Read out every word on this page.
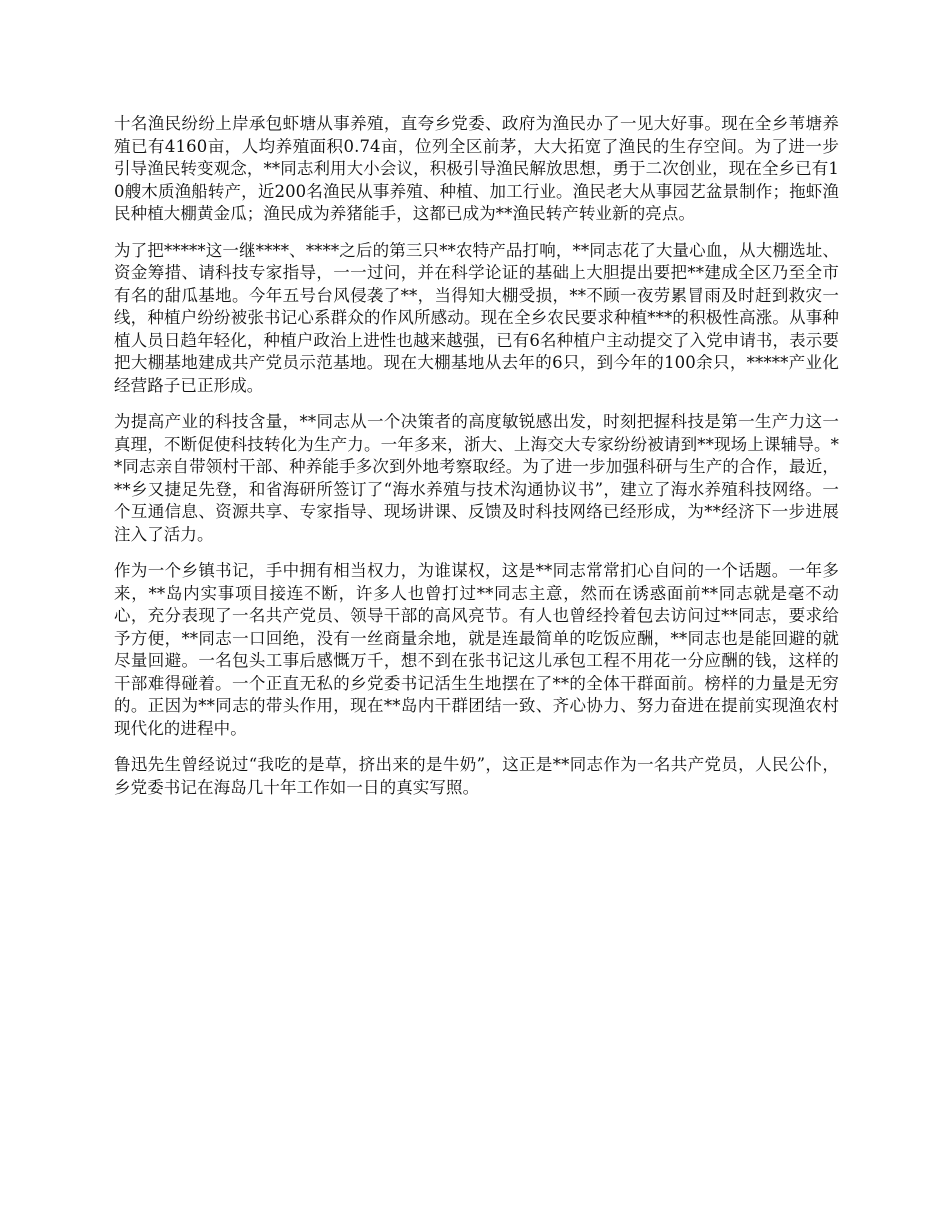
十名渔民纷纷上岸承包虾塘从事养殖，直夸乡党委、政府为渔民办了一见大好事。现在全乡苇塘养殖已有4160亩，人均养殖面积0.74亩，位列全区前茅，大大拓宽了渔民的生存空间。为了进一步引导渔民转变观念，**同志利用大小会议，积极引导渔民解放思想，勇于二次创业，现在全乡已有10艘木质渔船转产，近200名渔民从事养殖、种植、加工行业。渔民老大从事园艺盆景制作；拖虾渔民种植大棚黄金瓜；渔民成为养猪能手，这都已成为**渔民转产转业新的亮点。

为了把*****这一继****、****之后的第三只**农特产品打响，**同志花了大量心血，从大棚选址、资金筹措、请科技专家指导，一一过问，并在科学论证的基础上大胆提出要把**建成全区乃至全市有名的甜瓜基地。今年五号台风侵袭了**，当得知大棚受损，**不顾一夜劳累冒雨及时赶到救灾一线，种植户纷纷被张书记心系群众的作风所感动。现在全乡农民要求种植***的积极性高涨。从事种植人员日趋年轻化，种植户政治上进性也越来越强，已有6名种植户主动提交了入党申请书，表示要把大棚基地建成共产党员示范基地。现在大棚基地从去年的6只，到今年的100余只，*****产业化经营路子已正形成。

为提高产业的科技含量，**同志从一个决策者的高度敏锐感出发，时刻把握科技是第一生产力这一真理，不断促使科技转化为生产力。一年多来，浙大、上海交大专家纷纷被请到**现场上课辅导。**同志亲自带领村干部、种养能手多次到外地考察取经。为了进一步加强科研与生产的合作，最近，**乡又捷足先登，和省海研所签订了“海水养殖与技术沟通协议书”，建立了海水养殖科技网络。一个互通信息、资源共享、专家指导、现场讲课、反馈及时科技网络已经形成，为**经济下一步进展注入了活力。

作为一个乡镇书记，手中拥有相当权力，为谁谋权，这是**同志常常扪心自问的一个话题。一年多来，**岛内实事项目接连不断，许多人也曾打过**同志主意，然而在诱惑面前**同志就是毫不动心，充分表现了一名共产党员、领导干部的高风亮节。有人也曾经拎着包去访问过**同志，要求给予方便，**同志一口回绝，没有一丝商量余地，就是连最简单的吃饭应酬，**同志也是能回避的就尽量回避。一名包头工事后感慨万千，想不到在张书记这儿承包工程不用花一分应酬的钱，这样的干部难得碰着。一个正直无私的乡党委书记活生生地摆在了**的全体干群面前。榜样的力量是无穷的。正因为**同志的带头作用，现在**岛内干群团结一致、齐心协力、努力奋进在提前实现渔农村现代化的进程中。

鲁迅先生曾经说过“我吃的是草，挤出来的是牛奶”，这正是**同志作为一名共产党员，人民公仆，乡党委书记在海岛几十年工作如一日的真实写照。
